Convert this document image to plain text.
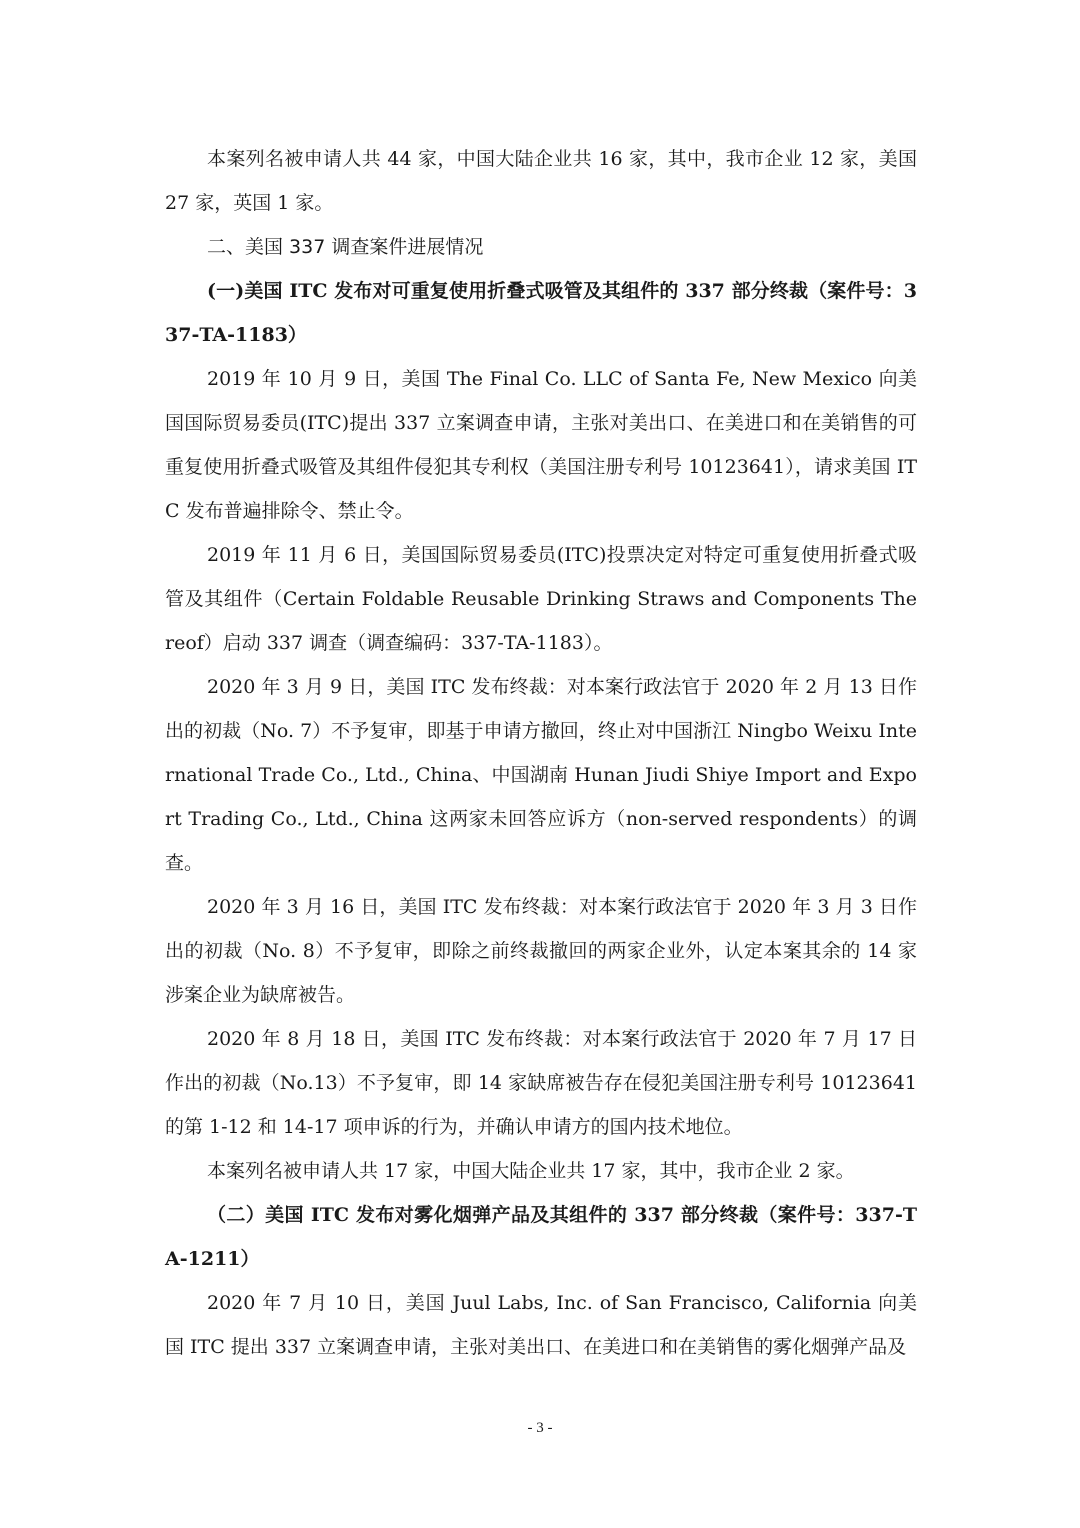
本案列名被申请人共 44 家，中国大陆企业共 16 家，其中，我市企业 12 家，美国 27 家，英国 1 家。

二、美国 337 调查案件进展情况

(一)美国 ITC 发布对可重复使用折叠式吸管及其组件的 337 部分终裁（案件号：337-TA-1183）

2019 年 10 月 9 日，美国 The Final Co. LLC of Santa Fe, New Mexico 向美国国际贸易委员(ITC)提出 337 立案调查申请，主张对美出口、在美进口和在美销售的可重复使用折叠式吸管及其组件侵犯其专利权（美国注册专利号 10123641），请求美国 ITC 发布普遍排除令、禁止令。

2019 年 11 月 6 日，美国国际贸易委员(ITC)投票决定对特定可重复使用折叠式吸管及其组件（Certain Foldable Reusable Drinking Straws and Components Thereof）启动 337 调查（调查编码：337-TA-1183）。

2020 年 3 月 9 日，美国 ITC 发布终裁：对本案行政法官于 2020 年 2 月 13 日作出的初裁（No. 7）不予复审，即基于申请方撤回，终止对中国浙江 Ningbo Weixu International Trade Co., Ltd., China、中国湖南 Hunan Jiudi Shiye Import and Export Trading Co., Ltd., China 这两家未回答应诉方（non-served respondents）的调查。

2020 年 3 月 16 日，美国 ITC 发布终裁：对本案行政法官于 2020 年 3 月 3 日作出的初裁（No. 8）不予复审，即除之前终裁撤回的两家企业外，认定本案其余的 14 家涉案企业为缺席被告。

2020 年 8 月 18 日，美国 ITC 发布终裁：对本案行政法官于 2020 年 7 月 17 日作出的初裁（No.13）不予复审，即 14 家缺席被告存在侵犯美国注册专利号 10123641 的第 1-12 和 14-17 项申诉的行为，并确认申请方的国内技术地位。

本案列名被申请人共 17 家，中国大陆企业共 17 家，其中，我市企业 2 家。

（二）美国 ITC 发布对雾化烟弹产品及其组件的 337 部分终裁（案件号：337-TA-1211）

2020 年 7 月 10 日，美国 Juul Labs, Inc. of San Francisco, California 向美国 ITC 提出 337 立案调查申请，主张对美出口、在美进口和在美销售的雾化烟弹产品及

- 3 -
